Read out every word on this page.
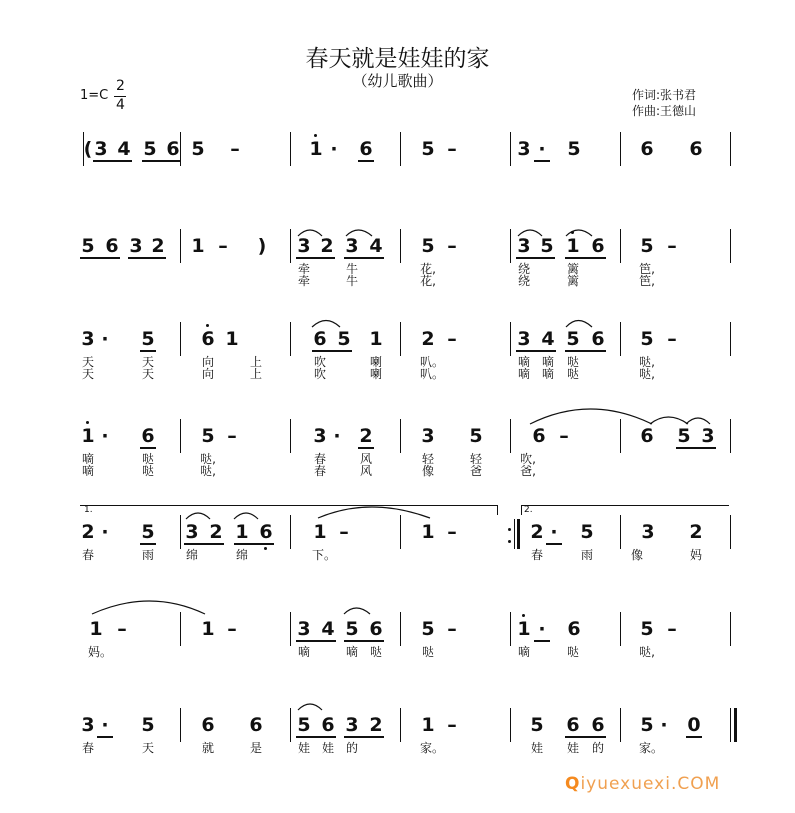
春天就是娃娃的家
（幼儿歌曲）
1=C
2
4
作词:张书君
作曲:王德山
( 3 4 5 6 5 –	1 · 6	5 –	3 · 5	6 6
5 6 3 2 1 – ) 3 2 3 4 5 –	3 5 1 6 5 –
牵	牛	花,	绕	篱	笆,
牵	牛	花,	绕	篱	笆,
3 · 5 6 1	6 5 1 2 –	3 4 5 6 5 –
天	天	向	上	吹	喇	叭。	嘀 嘀 哒	哒,
天	天	向	上	吹	喇	叭。	嘀 嘀 哒	哒,
1 · 6 5 –	3 · 2	3 5	6 –	6 5 3
嘀	哒	哒,	春	风	轻	轻	吹,
嘀	哒	哒,	春	风	像	爸	爸,
2 · 5 3 2 1 6 1 –	1 –	2 · 5	3 2
春	雨	绵	绵	下。	春	雨	像	妈
1 –	1 –	3 4 5 6 5 –	1 · 6	5 –
妈。	嘀	嘀 哒	哒	嘀	哒	哒,
3 · 5 6 6 5 6 3 2 1 –	5 6 6 5 · 0
春	天	就	是	娃 娃 的	家。	娃 娃 的	家。
1.	2.
Qiyuexuexi.COM
